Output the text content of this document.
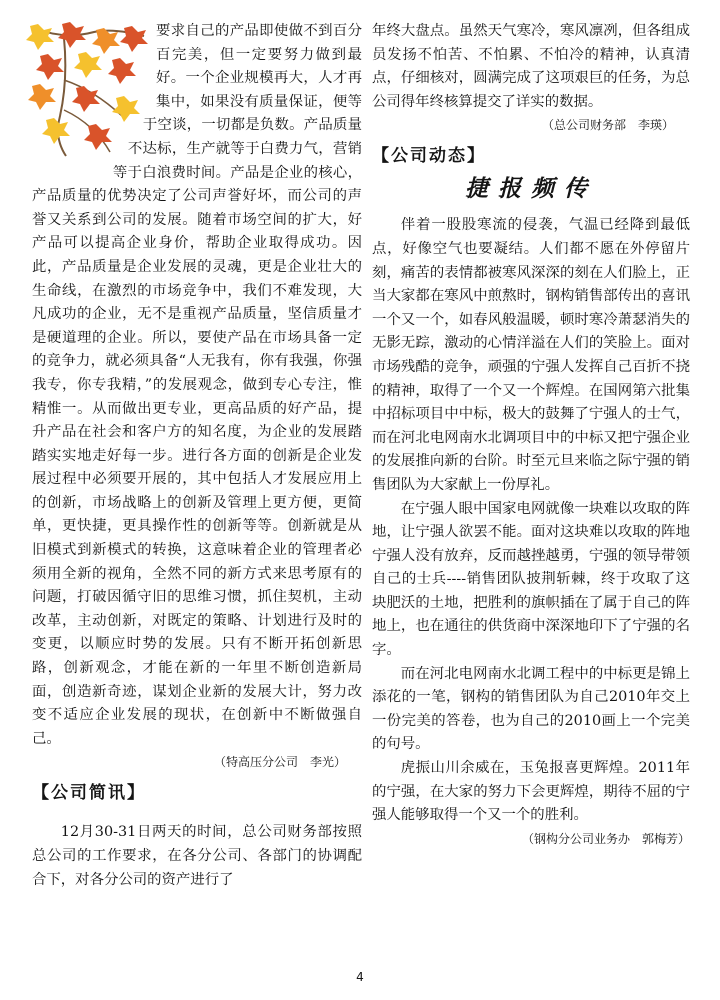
要求自己的产品即使做不到百分百完美，但一定要努力做到最好。一个企业规模再大，人才再集中，如果没有质量保证，便等于空谈，一切都是负数。产品质量不达标，生产就等于白费力气，营销等于白浪费时间。产品是企业的核心，产品质量的优势决定了公司声誉好坏，而公司的声誉又关系到公司的发展。随着市场空间的扩大，好产品可以提高企业身价，帮助企业取得成功。因此，产品质量是企业发展的灵魂，更是企业壮大的生命线，在激烈的市场竞争中，我们不难发现，大凡成功的企业，无不是重视产品质量，坚信质量才是硬道理的企业。所以，要使产品在市场具备一定的竞争力，就必须具备“人无我有，你有我强，你强我专，你专我精，”的发展观念，做到专心专注，惟精惟一。从而做出更专业，更高品质的好产品，提升产品在社会和客户方的知名度，为企业的发展踏踏实实地走好每一步。进行各方面的创新是企业发展过程中必须要开展的，其中包括人才发展应用上的创新，市场战略上的创新及管理上更方便，更简单，更快捷，更具操作性的创新等等。创新就是从旧模式到新模式的转换，这意味着企业的管理者必须用全新的视角，全然不同的新方式来思考原有的问题，打破因循守旧的思维习惯，抓住契机，主动改革，主动创新，对既定的策略、计划进行及时的变更，以顺应时势的发展。只有不断开拓创新思路，创新观念，才能在新的一年里不断创造新局面，创造新奇迹，谋划企业新的发展大计，努力改变不适应企业发展的现状，在创新中不断做强自己。

（特高压分公司　李光）

【公司简讯】

12月30-31日两天的时间，总公司财务部按照总公司的工作要求，在各分公司、各部门的协调配合下，对各分公司的资产进行了

年终大盘点。虽然天气寒冷，寒风凛冽，但各组成员发扬不怕苦、不怕累、不怕冷的精神，认真清点，仔细核对，圆满完成了这项艰巨的任务，为总公司得年终核算提交了详实的数据。

（总公司财务部　李瑛）

【公司动态】
捷报频传

伴着一股股寒流的侵袭，气温已经降到最低点，好像空气也要凝结。人们都不愿在外停留片刻，痛苦的表情都被寒风深深的刻在人们脸上，正当大家都在寒风中煎熬时，钢构销售部传出的喜讯一个又一个，如春风般温暖，顿时寒冷萧瑟消失的无影无踪，激动的心情洋溢在人们的笑脸上。面对市场残酷的竞争，顽强的宁强人发挥自己百折不挠的精神，取得了一个又一个辉煌。在国网第六批集中招标项目中中标，极大的鼓舞了宁强人的士气，而在河北电网南水北调项目中的中标又把宁强企业的发展推向新的台阶。时至元旦来临之际宁强的销售团队为大家献上一份厚礼。

在宁强人眼中国家电网就像一块难以攻取的阵地，让宁强人欲罢不能。面对这块难以攻取的阵地宁强人没有放弃，反而越挫越勇，宁强的领导带领自己的士兵----销售团队披荆斩棘，终于攻取了这块肥沃的土地，把胜利的旗帜插在了属于自己的阵地上，也在通往的供货商中深深地印下了宁强的名字。

而在河北电网南水北调工程中的中标更是锦上添花的一笔，钢构的销售团队为自己2010年交上一份完美的答卷，也为自己的2010画上一个完美的句号。

虎振山川余威在，玉兔报喜更辉煌。2011年的宁强，在大家的努力下会更辉煌，期待不屈的宁强人能够取得一个又一个的胜利。

（钢构分公司业务办　郭梅芳）

4
